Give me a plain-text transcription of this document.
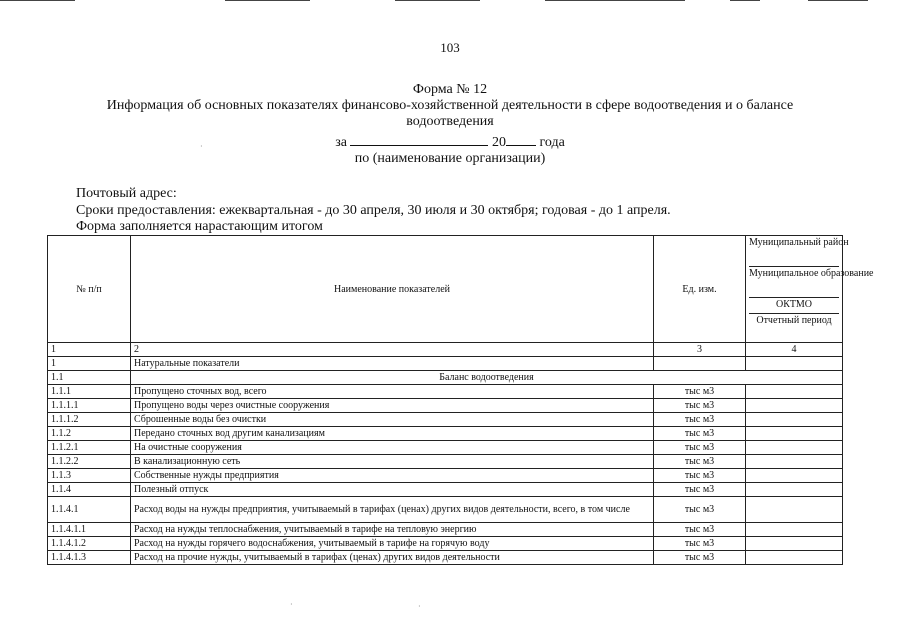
103
Форма № 12
Информация об основных показателях финансово-хозяйственной деятельности в сфере водоотведения и о балансе
водоотведения
за	20 года
по (наименование организации)
Почтовый адрес:
Сроки предоставления: ежеквартальная - до 30 апреля, 30 июля и 30 октября; годовая - до 1 апреля.
Форма заполняется нарастающим итогом
№ п/п	Наименование показателей	Ед. изм.	Муниципальный район
Муниципальное образование
ОКТМО
Отчетный период

1	2	3	4
1	Натуральные показатели		
1.1	Баланс водоотведения		
1.1.1	Пропущено сточных вод, всего	тыс м3	
1.1.1.1	Пропущено воды через очистные сооружения	тыс м3	
1.1.1.2	Сброшенные воды без очистки	тыс м3	
1.1.2	Передано сточных вод другим канализациям	тыс м3	
1.1.2.1	На очистные сооружения	тыс м3	
1.1.2.2	В канализационную сеть	тыс м3	
1.1.3	Собственные нужды предприятия	тыс м3	
1.1.4	Полезный отпуск	тыс м3	
1.1.4.1	Расход воды на нужды предприятия, учитываемый в тарифах (ценах) других видов деятельности, всего, в том числе	тыс м3	
1.1.4.1.1	Расход на нужды теплоснабжения, учитываемый в тарифе на тепловую энергию	тыс м3	
1.1.4.1.2	Расход на нужды горячего водоснабжения, учитываемый в тарифе на горячую воду	тыс м3	
1.1.4.1.3	Расход на прочие нужды, учитываемый в тарифах (ценах) других видов деятельности	тыс м3	
·
·	·
